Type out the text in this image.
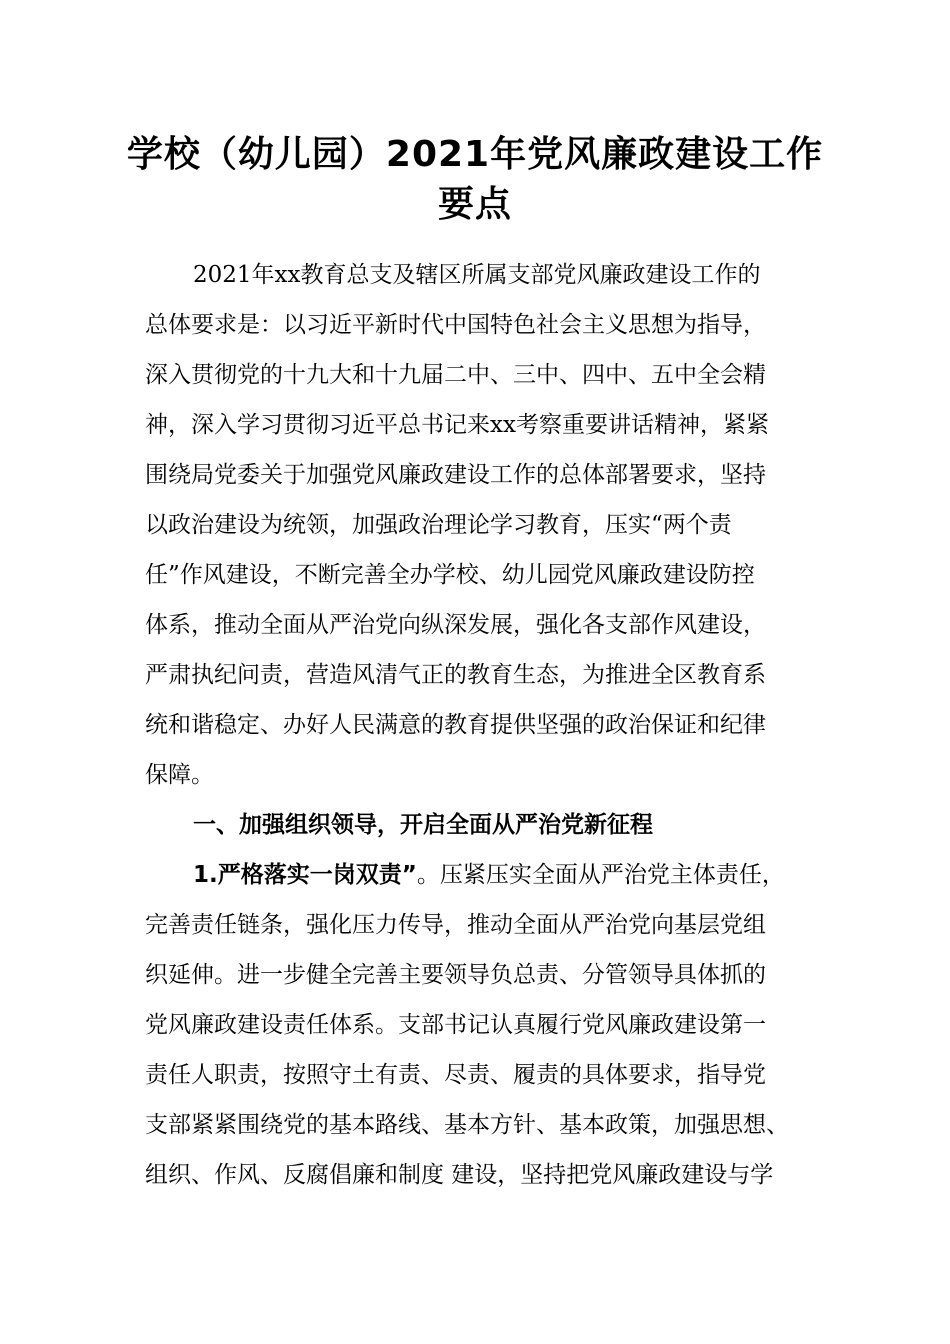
学校（幼儿园）2021年党风廉政建设工作
要点

2021年xx教育总支及辖区所属支部党风廉政建设工作的

总体要求是：以习近平新时代中国特色社会主义思想为指导，

深入贯彻党的十九大和十九届二中、三中、四中、五中全会精

神，深入学习贯彻习近平总书记来xx考察重要讲话精神，紧紧

围绕局党委关于加强党风廉政建设工作的总体部署要求，坚持

以政治建设为统领，加强政治理论学习教育，压实“两个责

任”作风建设，不断完善全办学校、幼儿园党风廉政建设防控

体系，推动全面从严治党向纵深发展，强化各支部作风建设，

严肃执纪问责，营造风清气正的教育生态，为推进全区教育系

统和谐稳定、办好人民满意的教育提供坚强的政治保证和纪律

保障。

一、加强组织领导，开启全面从严治党新征程

1.严格落实一岗双责”。压紧压实全面从严治党主体责任，

完善责任链条，强化压力传导，推动全面从严治党向基层党组

织延伸。进一步健全完善主要领导负总责、分管领导具体抓的

党风廉政建设责任体系。支部书记认真履行党风廉政建设第一

责任人职责，按照守土有责、尽责、履责的具体要求，指导党

支部紧紧围绕党的基本路线、基本方针、基本政策，加强思想、

组织、作风、反腐倡廉和制度 建设，坚持把党风廉政建设与学
